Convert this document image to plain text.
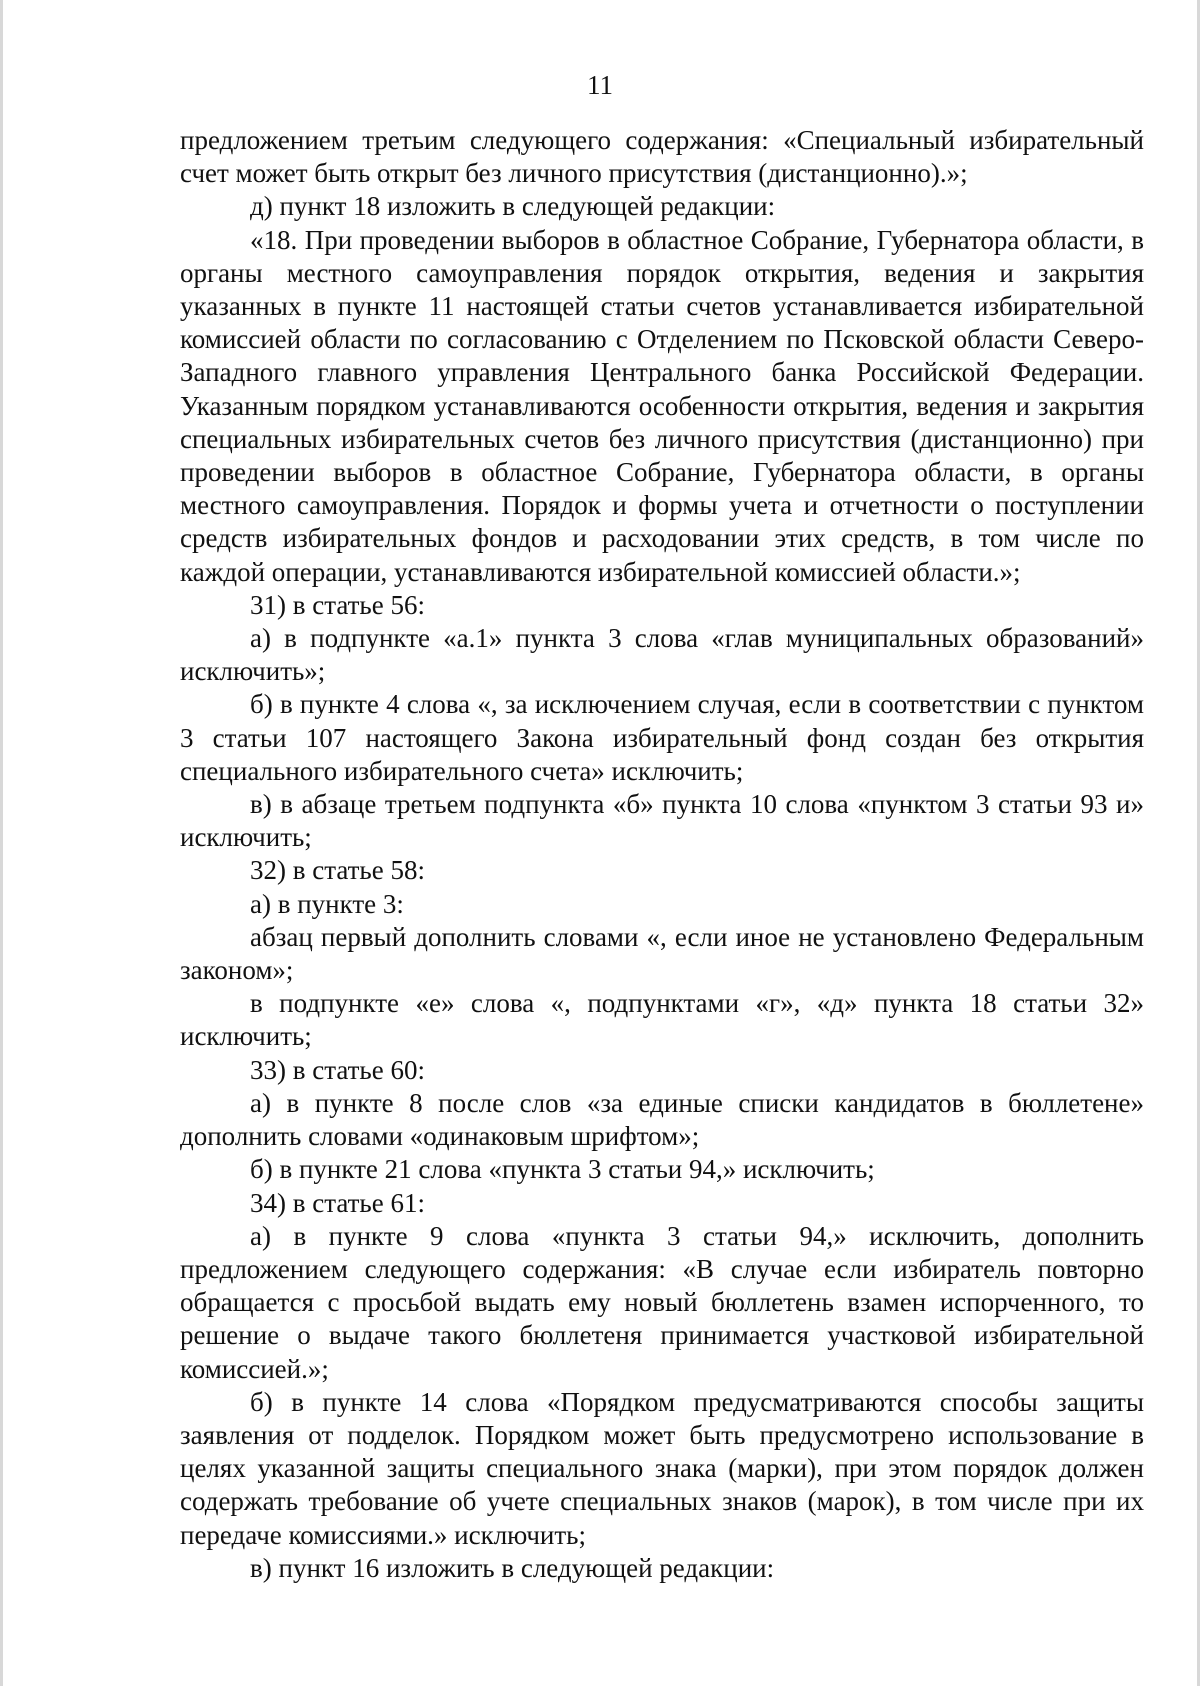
11

предложением третьим следующего содержания: «Специальный избирательный счет может быть открыт без личного присутствия (дистанционно).»;

д) пункт 18 изложить в следующей редакции:

«18. При проведении выборов в областное Собрание, Губернатора области, в органы местного самоуправления порядок открытия, ведения и закрытия указанных в пункте 11 настоящей статьи счетов устанавливается избирательной комиссией области по согласованию с Отделением по Псковской области Северо-Западного главного управления Центрального банка Российской Федерации. Указанным порядком устанавливаются особенности открытия, ведения и закрытия специальных избирательных счетов без личного присутствия (дистанционно) при проведении выборов в областное Собрание, Губернатора области, в органы местного самоуправления. Порядок и формы учета и отчетности о поступлении средств избирательных фондов и расходовании этих средств, в том числе по каждой операции, устанавливаются избирательной комиссией области.»;

31) в статье 56:

а) в подпункте «а.1» пункта 3 слова «глав муниципальных образований» исключить»;

б) в пункте 4 слова «, за исключением случая, если в соответствии с пунктом 3 статьи 107 настоящего Закона избирательный фонд создан без открытия специального избирательного счета» исключить;

в) в абзаце третьем подпункта «б» пункта 10 слова «пунктом 3 статьи 93 и» исключить;

32) в статье 58:

а) в пункте 3:

абзац первый дополнить словами «, если иное не установлено Федеральным законом»;

в подпункте «е» слова «, подпунктами «г», «д» пункта 18 статьи 32» исключить;

33) в статье 60:

а) в пункте 8 после слов «за единые списки кандидатов в бюллетене» дополнить словами «одинаковым шрифтом»;

б) в пункте 21 слова «пункта 3 статьи 94,» исключить;

34) в статье 61:

а) в пункте 9 слова «пункта 3 статьи 94,» исключить, дополнить предложением следующего содержания: «В случае если избиратель повторно обращается с просьбой выдать ему новый бюллетень взамен испорченного, то решение о выдаче такого бюллетеня принимается участковой избирательной комиссией.»;

б) в пункте 14 слова «Порядком предусматриваются способы защиты заявления от подделок. Порядком может быть предусмотрено использование в целях указанной защиты специального знака (марки), при этом порядок должен содержать требование об учете специальных знаков (марок), в том числе при их передаче комиссиями.» исключить;

в) пункт 16 изложить в следующей редакции:
